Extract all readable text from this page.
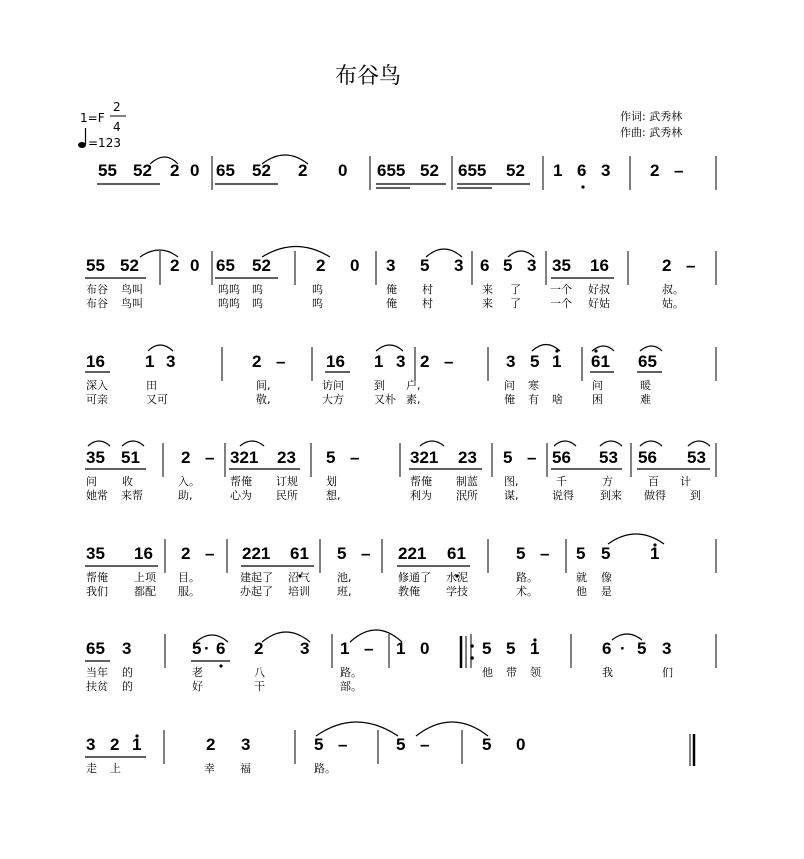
布谷鸟
1=F
2
4
=123
作词: 武秀林
作曲: 武秀林
55 52 2 0 65 52 2 0 655 52 655 52 1 6 3 2 –
55 52 2 0 65 52	2 0 3 5 3 6 5 3 35 16	2 –
布谷 鸟叫	呜呜 呜	呜	俺 村	来 了	一个 好叔	叔。
布谷 鸟叫	呜呜 呜	呜	俺 村	来 了	一个 好姑	姑。
16 1 3	2 – 16 1 3 2 –	3 5 1 61 65
深入	田	间,	访问	到 户,	问 寒	问	暖
可亲	又可	敬,	大方	又朴 素,	俺 有 啥	困	难
35 51 2 – 321 23 5 –	321 23 5 – 56 53 56 53
问 收	入。	帮俺 订规	划	帮俺 制蓝 图,	千	方	百 计
她常 来帮	助,	心为 民所	想,	利为 泯所 谋,	说得 到来 做得 到
35 16 2 – 221 61 5 – 221 61	5 – 5 5 1
帮俺 上项 目。	建起了 沼气 池,	修通了 水泥	路。	就 像
我们 都配 服。	办起了 培训 班,	教俺 学技	术。	他 是
65 3	5 · 6 2 3 1 – 1 0	5 5 1	6 · 5 3
当年 的	老	八	路。	他 带 领	我	们
扶贫 的	好	干	部。
3 2 1	2 3	5 –	5 –	5 0
走 上	幸 福	路。
